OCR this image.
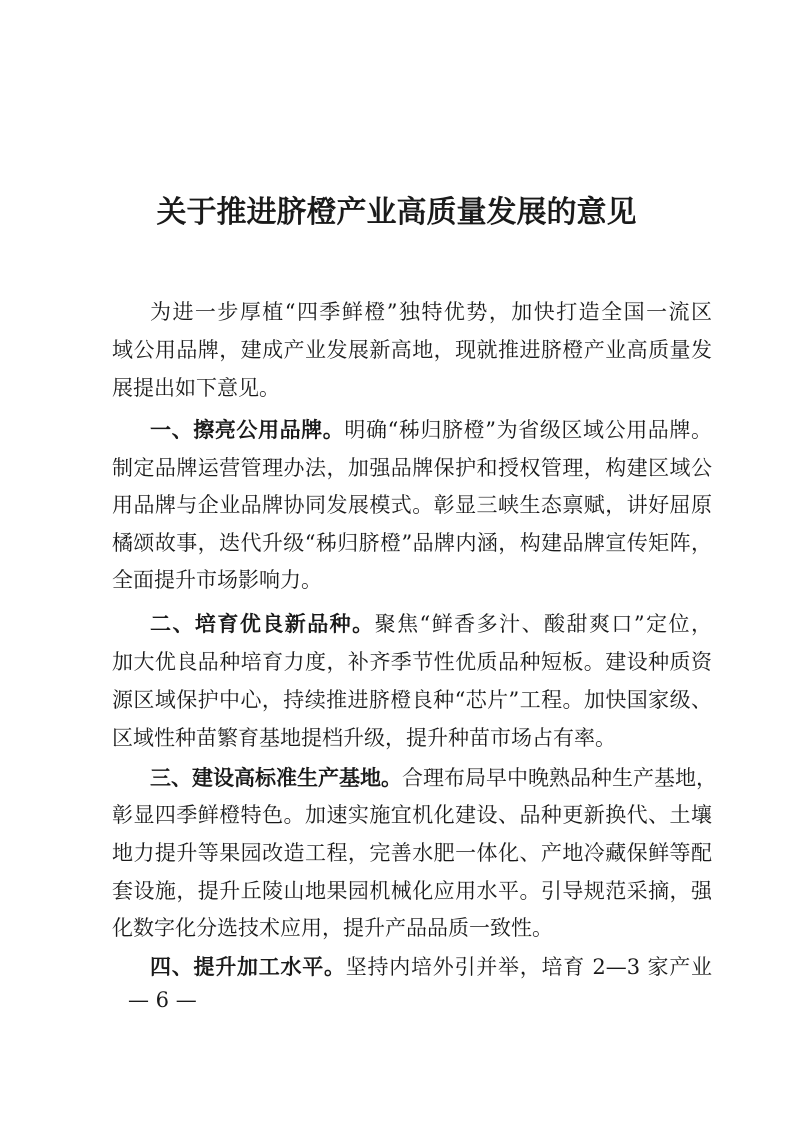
关于推进脐橙产业高质量发展的意见
为进一步厚植“四季鲜橙”独特优势，加快打造全国一流区
域公用品牌，建成产业发展新高地，现就推进脐橙产业高质量发
展提出如下意见。
一、擦亮公用品牌。明确“秭归脐橙”为省级区域公用品牌。
制定品牌运营管理办法，加强品牌保护和授权管理，构建区域公
用品牌与企业品牌协同发展模式。彰显三峡生态禀赋，讲好屈原
橘颂故事，迭代升级“秭归脐橙”品牌内涵，构建品牌宣传矩阵，
全面提升市场影响力。
二、培育优良新品种。聚焦“鲜香多汁、酸甜爽口”定位，
加大优良品种培育力度，补齐季节性优质品种短板。建设种质资
源区域保护中心，持续推进脐橙良种“芯片”工程。加快国家级、
区域性种苗繁育基地提档升级，提升种苗市场占有率。
三、建设高标准生产基地。合理布局早中晚熟品种生产基地，
彰显四季鲜橙特色。加速实施宜机化建设、品种更新换代、土壤
地力提升等果园改造工程，完善水肥一体化、产地冷藏保鲜等配
套设施，提升丘陵山地果园机械化应用水平。引导规范采摘，强
化数字化分选技术应用，提升产品品质一致性。
四、提升加工水平。坚持内培外引并举，培育 2—3 家产业
— 6 —
